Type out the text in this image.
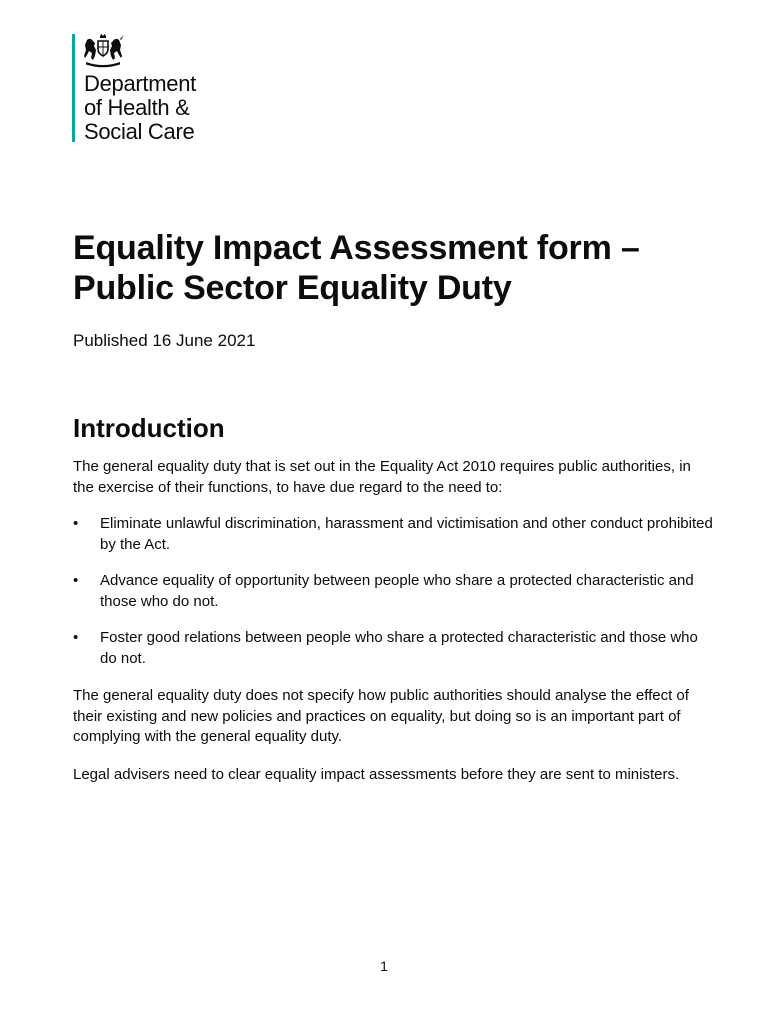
Department
of Health &
Social Care

Equality Impact Assessment form –
Public Sector Equality Duty

Published 16 June 2021

Introduction

The general equality duty that is set out in the Equality Act 2010 requires public authorities, in the exercise of their functions, to have due regard to the need to:

• Eliminate unlawful discrimination, harassment and victimisation and other conduct prohibited by the Act.
• Advance equality of opportunity between people who share a protected characteristic and those who do not.
• Foster good relations between people who share a protected characteristic and those who do not.

The general equality duty does not specify how public authorities should analyse the effect of their existing and new policies and practices on equality, but doing so is an important part of complying with the general equality duty.

Legal advisers need to clear equality impact assessments before they are sent to ministers.

1
